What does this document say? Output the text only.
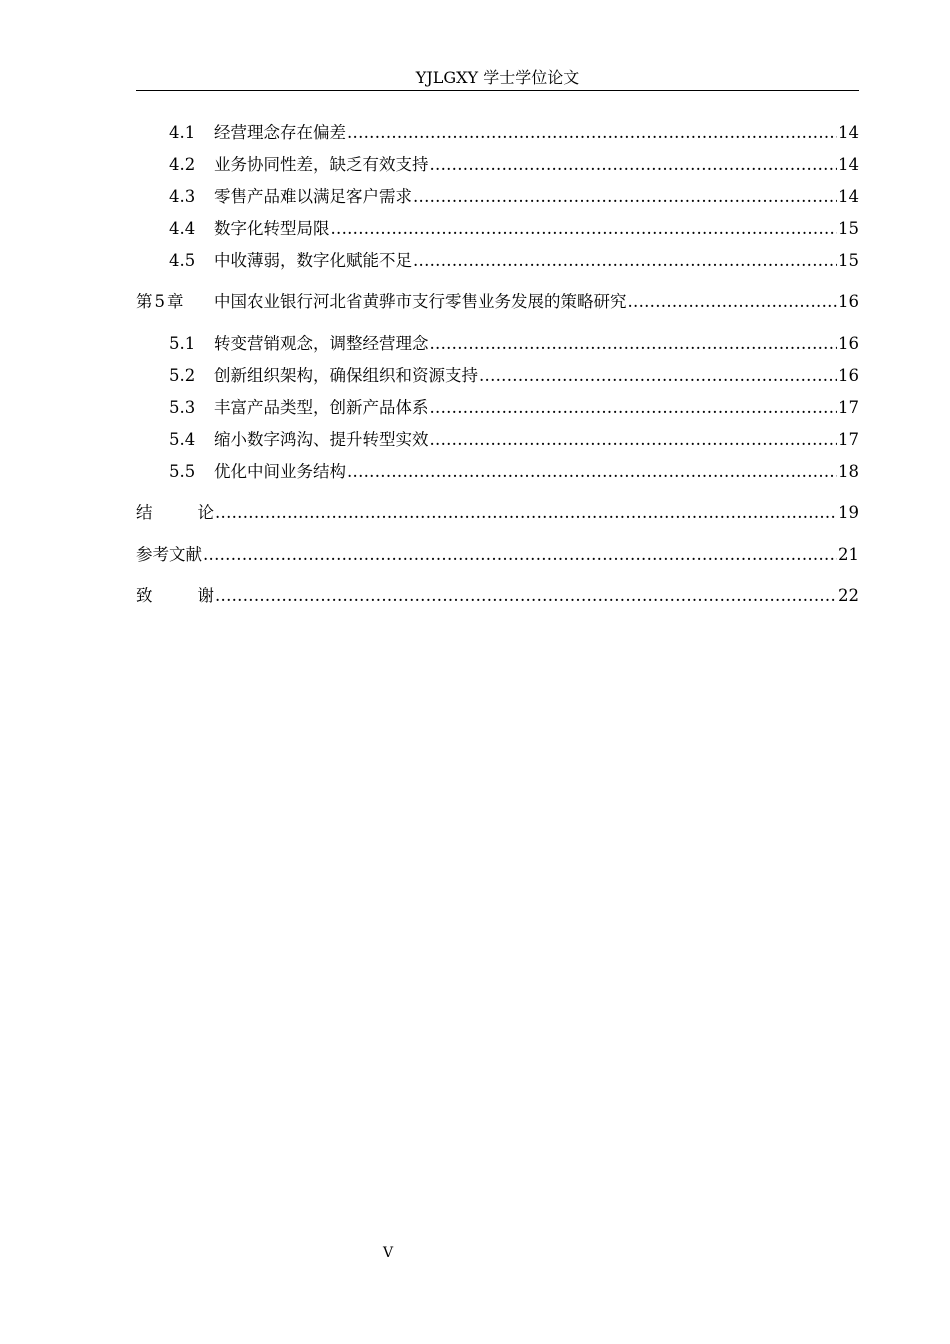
YJLGXY 学士学位论文
4.1	经营理念存在偏差 .....	14
4.2	业务协同性差，缺乏有效支持 .....	14
4.3	零售产品难以满足客户需求 .....	14
4.4	数字化转型局限 .....	15
4.5	中收薄弱，数字化赋能不足 .....	15
第 5 章	中国农业银行河北省黄骅市支行零售业务发展的策略研究 .....	16
5.1	转变营销观念，调整经营理念 .....	16
5.2	创新组织架构，确保组织和资源支持 .....	16
5.3	丰富产品类型，创新产品体系 .....	17
5.4	缩小数字鸿沟、提升转型实效 .....	17
5.5	优化中间业务结构 .....	18
结	论 .....	19
参考文献 .....	21
致	谢 .....	22
V
